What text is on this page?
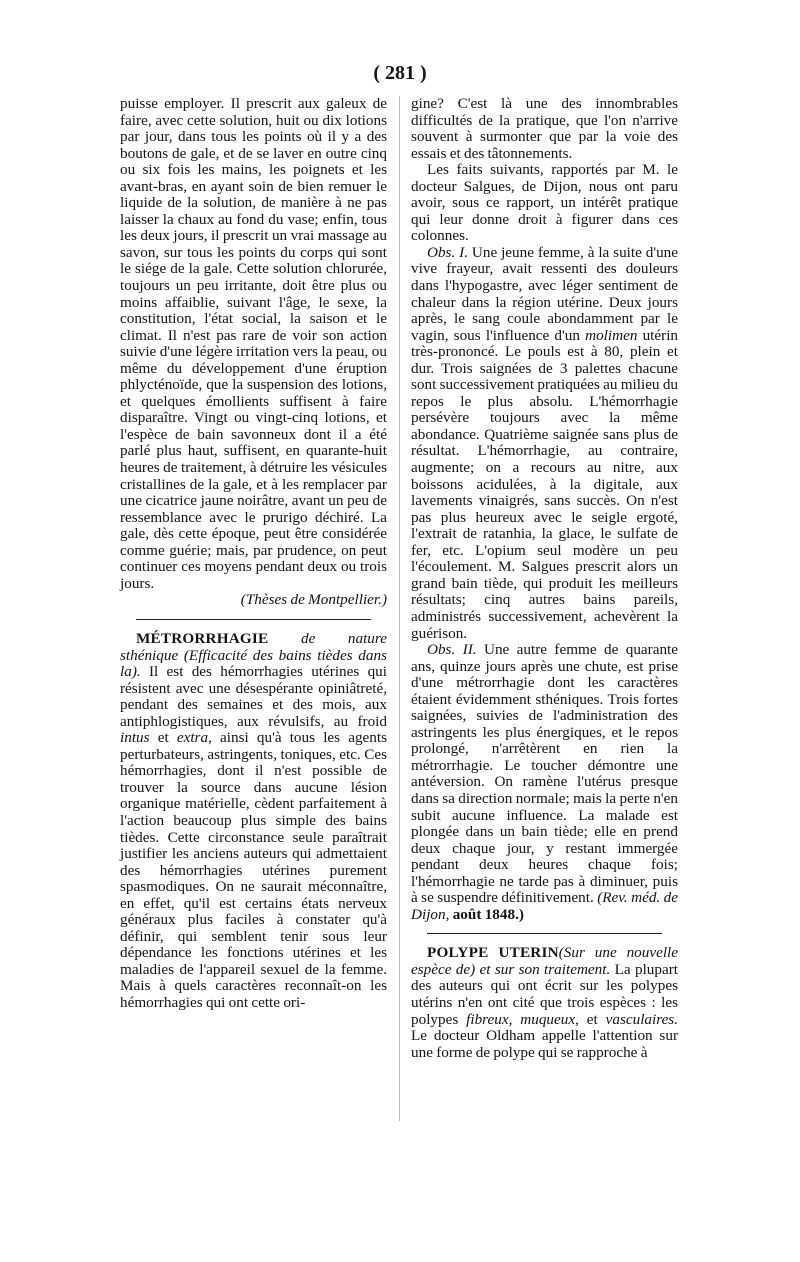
( 281 )

puisse employer. Il prescrit aux galeux de faire, avec cette solution, huit ou dix lotions par jour, dans tous les points où il y a des boutons de gale, et de se laver en outre cinq ou six fois les mains, les poignets et les avant-bras, en ayant soin de bien remuer le liquide de la solution, de manière à ne pas laisser la chaux au fond du vase; enfin, tous les deux jours, il prescrit un vrai massage au savon, sur tous les points du corps qui sont le siége de la gale. Cette solution chlorurée, toujours un peu irritante, doit être plus ou moins affaiblie, suivant l'âge, le sexe, la constitution, l'état social, la saison et le climat. Il n'est pas rare de voir son action suivie d'une légère irritation vers la peau, ou même du développement d'une éruption phlycténoïde, que la suspension des lotions, et quelques émollients suffisent à faire disparaître. Vingt ou vingt-cinq lotions, et l'espèce de bain savonneux dont il a été parlé plus haut, suffisent, en quarante-huit heures de traitement, à détruire les vésicules cristallines de la gale, et à les remplacer par une cicatrice jaune noirâtre, avant un peu de ressemblance avec le prurigo déchiré. La gale, dès cette époque, peut être considérée comme guérie; mais, par prudence, on peut continuer ces moyens pendant deux ou trois jours.

(Thèses de Montpellier.)

MÉTRORRHAGIE de nature sthénique (Efficacité des bains tièdes dans la). Il est des hémorrhagies utérines qui résistent avec une désespérante opiniâtreté, pendant des semaines et des mois, aux antiphlogistiques, aux révulsifs, au froid intus et extra, ainsi qu'à tous les agents perturbateurs, astringents, toniques, etc. Ces hémorrhagies, dont il n'est possible de trouver la source dans aucune lésion organique matérielle, cèdent parfaitement à l'action beaucoup plus simple des bains tièdes. Cette circonstance seule paraîtrait justifier les anciens auteurs qui admettaient des hémorrhagies utérines purement spasmodiques. On ne saurait méconnaître, en effet, qu'il est certains états nerveux généraux plus faciles à constater qu'à définir, qui semblent tenir sous leur dépendance les fonctions utérines et les maladies de l'appareil sexuel de la femme. Mais à quels caractères reconnaît-on les hémorrhagies qui ont cette ori-

gine? C'est là une des innombrables difficultés de la pratique, que l'on n'arrive souvent à surmonter que par la voie des essais et des tâtonnements.

Les faits suivants, rapportés par M. le docteur Salgues, de Dijon, nous ont paru avoir, sous ce rapport, un intérêt pratique qui leur donne droit à figurer dans ces colonnes.

Obs. I. Une jeune femme, à la suite d'une vive frayeur, avait ressenti des douleurs dans l'hypogastre, avec léger sentiment de chaleur dans la région utérine. Deux jours après, le sang coule abondamment par le vagin, sous l'influence d'un molimen utérin très-prononcé. Le pouls est à 80, plein et dur. Trois saignées de 3 palettes chacune sont successivement pratiquées au milieu du repos le plus absolu. L'hémorrhagie persévère toujours avec la même abondance. Quatrième saignée sans plus de résultat. L'hémorrhagie, au contraire, augmente; on a recours au nitre, aux boissons acidulées, à la digitale, aux lavements vinaigrés, sans succès. On n'est pas plus heureux avec le seigle ergoté, l'extrait de ratanhia, la glace, le sulfate de fer, etc. L'opium seul modère un peu l'écoulement. M. Salgues prescrit alors un grand bain tiède, qui produit les meilleurs résultats; cinq autres bains pareils, administrés successivement, achevèrent la guérison.

Obs. II. Une autre femme de quarante ans, quinze jours après une chute, est prise d'une métrorrhagie dont les caractères étaient évidemment sthéniques. Trois fortes saignées, suivies de l'administration des astringents les plus énergiques, et le repos prolongé, n'arrêtèrent en rien la métrorrhagie. Le toucher démontre une antéversion. On ramène l'utérus presque dans sa direction normale; mais la perte n'en subit aucune influence. La malade est plongée dans un bain tiède; elle en prend deux chaque jour, y restant immergée pendant deux heures chaque fois; l'hémorrhagie ne tarde pas à diminuer, puis à se suspendre définitivement. (Rev. méd. de Dijon, août 1848.)

POLYPE UTERIN(Sur une nouvelle espèce de) et sur son traitement. La plupart des auteurs qui ont écrit sur les polypes utérins n'en ont cité que trois espèces : les polypes fibreux, muqueux, et vasculaires. Le docteur Oldham appelle l'attention sur une forme de polype qui se rapproche à
